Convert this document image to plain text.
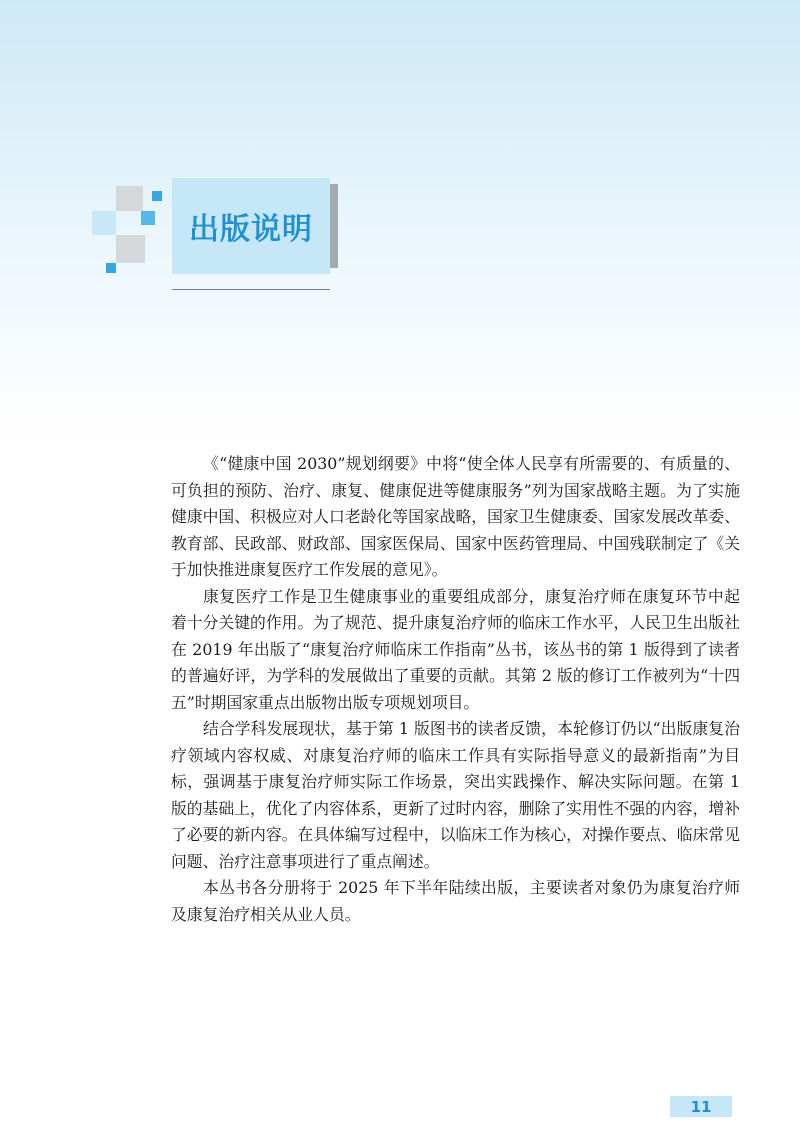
出版说明

《“健康中国 2030”规划纲要》中将“使全体人民享有所需要的、有质量的、可负担的预防、治疗、康复、健康促进等健康服务”列为国家战略主题。为了实施健康中国、积极应对人口老龄化等国家战略，国家卫生健康委、国家发展改革委、教育部、民政部、财政部、国家医保局、国家中医药管理局、中国残联制定了《关于加快推进康复医疗工作发展的意见》。

康复医疗工作是卫生健康事业的重要组成部分，康复治疗师在康复环节中起着十分关键的作用。为了规范、提升康复治疗师的临床工作水平，人民卫生出版社在 2019 年出版了“康复治疗师临床工作指南”丛书，该丛书的第 1 版得到了读者的普遍好评，为学科的发展做出了重要的贡献。其第 2 版的修订工作被列为“十四五”时期国家重点出版物出版专项规划项目。

结合学科发展现状，基于第 1 版图书的读者反馈，本轮修订仍以“出版康复治疗领域内容权威、对康复治疗师的临床工作具有实际指导意义的最新指南”为目标，强调基于康复治疗师实际工作场景，突出实践操作、解决实际问题。在第 1 版的基础上，优化了内容体系，更新了过时内容，删除了实用性不强的内容，增补了必要的新内容。在具体编写过程中，以临床工作为核心，对操作要点、临床常见问题、治疗注意事项进行了重点阐述。

本丛书各分册将于 2025 年下半年陆续出版，主要读者对象仍为康复治疗师及康复治疗相关从业人员。

11
